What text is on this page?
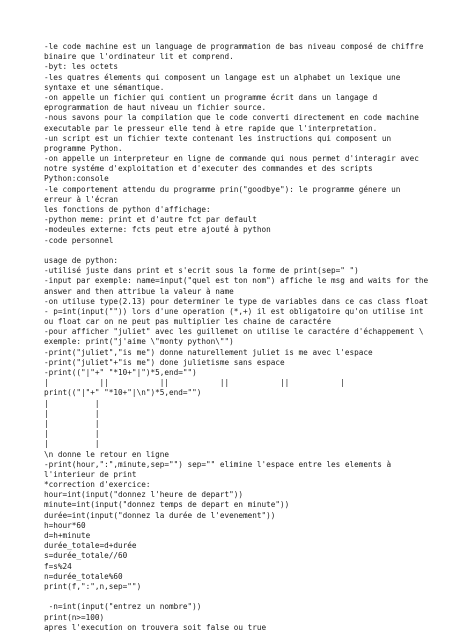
-le code machine est un language de programmation de bas niveau composé de chiffre
binaire que l'ordinateur lit et comprend.
-byt: les octets
-les quatres élements qui composent un langage est un alphabet un lexique une
syntaxe et une sémantique.
-on appelle un fichier qui contient un programme écrit dans un langage d
eprogrammation de haut niveau un fichier source.
-nous savons pour la compilation que le code converti directement en code machine
executable par le presseur elle tend à etre rapide que l'interpretation.
-un script est un fichier texte contenant les instructions qui composent un
programme Python.
-on appelle un interpreteur en ligne de commande qui nous permet d'interagir avec
notre systéme d'exploitation et d'executer des commandes et des scripts
Python:console
-le comportement attendu du programme prin("goodbye"): le programme génere un
erreur à l'écran
les fonctions de python d'affichage:
-python meme: print et d'autre fct par default
-modeules externe: fcts peut etre ajouté à python
-code personnel
usage de python:
-utilisé juste dans print et s'ecrit sous la forme de print(sep=" ")
-input par exemple: name=input("quel est ton nom") affiche le msg and waits for the
answer and then attribue la valeur à name
-on utiluse type(2.13) pour determiner le type de variables dans ce cas class float
- p=int(input("")) lors d'une operation (*,+) il est obligatoire qu'on utilise int
ou float car on ne peut pas multiplier les chaine de caractére
-pour afficher "juliet" avec les guillemet on utilise le caractére d'échappement \
exemple: print("j'aime \"monty python\"")
-print("juliet","is me") donne naturellement juliet is me avec l'espace
-print("juliet"+"is me") done julietisme sans espace
-print(("|"+" "*10+"|")*5,end="")
|           ||           ||           ||           ||           |
print(("|"+" "*10+"|\n")*5,end="")
|          |
|          |
|          |
|          |
|          |
\n donne le retour en ligne
-print(hour,":",minute,sep="") sep="" elimine l'espace entre les elements à
l'interieur de print
*correction d'exercice:
hour=int(input("donnez l'heure de depart"))
minute=int(input("donnez temps de depart en minute"))
durée=int(input("donnez la durée de l'evenement"))
h=hour*60
d=h+minute
durée_totale=d+durée
s=durée_totale//60
f=s%24
n=durée_totale%60
print(f,":",n,sep="")
-n=int(input("entrez un nombre"))
print(n>=100)
apres l'execution on trouvera soit false ou true
